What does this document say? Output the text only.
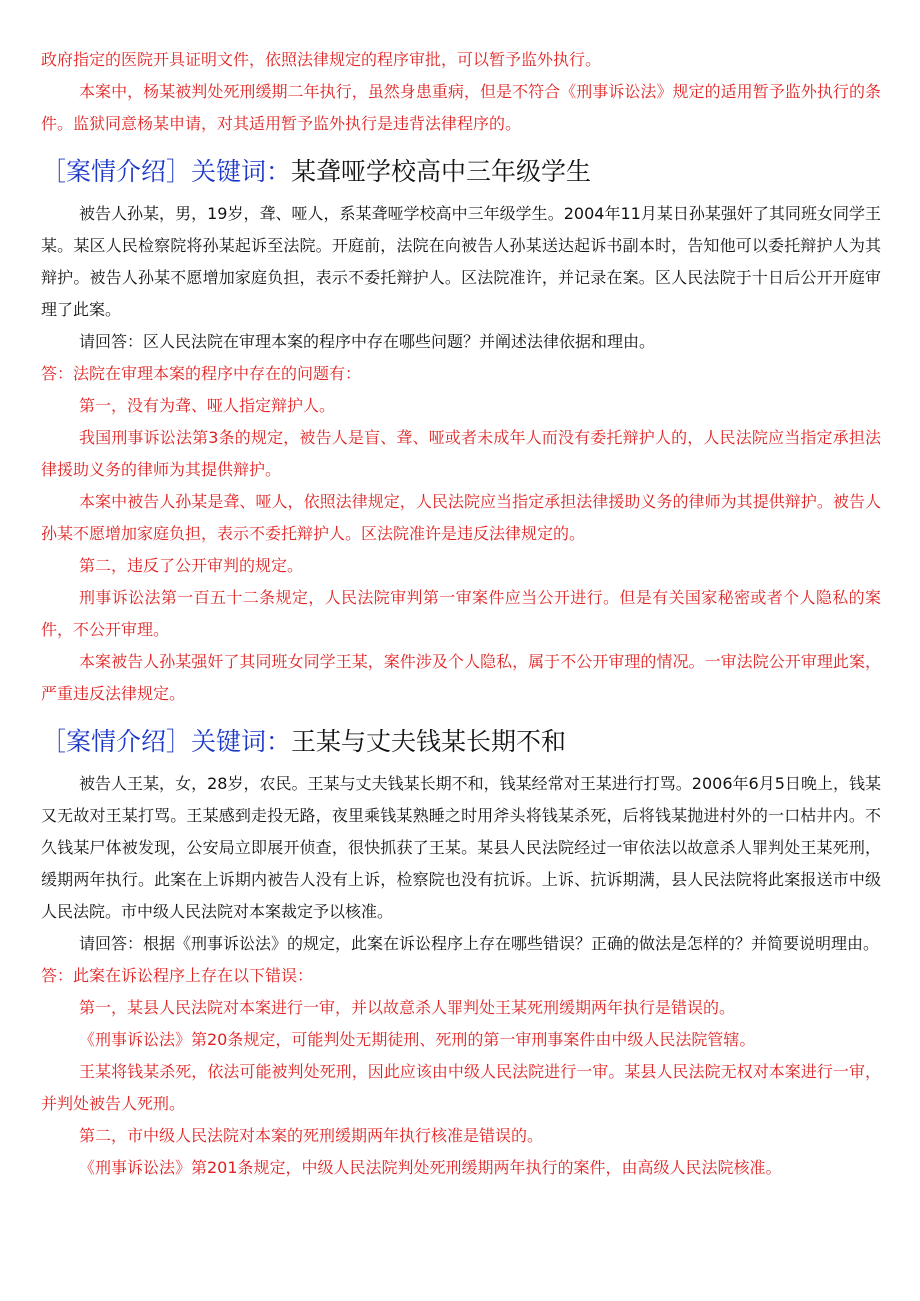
政府指定的医院开具证明文件，依照法律规定的程序审批，可以暂予监外执行。

本案中，杨某被判处死刑缓期二年执行，虽然身患重病，但是不符合《刑事诉讼法》规定的适用暂予监外执行的条件。监狱同意杨某申请，对其适用暂予监外执行是违背法律程序的。

［案情介绍］关键词：某聋哑学校高中三年级学生

被告人孙某，男，19岁，聋、哑人，系某聋哑学校高中三年级学生。2004年11月某日孙某强奸了其同班女同学王某。某区人民检察院将孙某起诉至法院。开庭前，法院在向被告人孙某送达起诉书副本时，告知他可以委托辩护人为其辩护。被告人孙某不愿增加家庭负担，表示不委托辩护人。区法院准许，并记录在案。区人民法院于十日后公开开庭审理了此案。

请回答：区人民法院在审理本案的程序中存在哪些问题？并阐述法律依据和理由。

答：法院在审理本案的程序中存在的问题有：

第一，没有为聋、哑人指定辩护人。

我国刑事诉讼法第3条的规定，被告人是盲、聋、哑或者未成年人而没有委托辩护人的，人民法院应当指定承担法律援助义务的律师为其提供辩护。

本案中被告人孙某是聋、哑人，依照法律规定，人民法院应当指定承担法律援助义务的律师为其提供辩护。被告人孙某不愿增加家庭负担，表示不委托辩护人。区法院准许是违反法律规定的。

第二，违反了公开审判的规定。

刑事诉讼法第一百五十二条规定，人民法院审判第一审案件应当公开进行。但是有关国家秘密或者个人隐私的案件，不公开审理。

本案被告人孙某强奸了其同班女同学王某，案件涉及个人隐私，属于不公开审理的情况。一审法院公开审理此案，严重违反法律规定。

［案情介绍］关键词：王某与丈夫钱某长期不和

被告人王某，女，28岁，农民。王某与丈夫钱某长期不和，钱某经常对王某进行打骂。2006年6月5日晚上，钱某又无故对王某打骂。王某感到走投无路，夜里乘钱某熟睡之时用斧头将钱某杀死，后将钱某抛进村外的一口枯井内。不久钱某尸体被发现，公安局立即展开侦查，很快抓获了王某。某县人民法院经过一审依法以故意杀人罪判处王某死刑，缓期两年执行。此案在上诉期内被告人没有上诉，检察院也没有抗诉。上诉、抗诉期满，县人民法院将此案报送市中级人民法院。市中级人民法院对本案裁定予以核准。

请回答：根据《刑事诉讼法》的规定，此案在诉讼程序上存在哪些错误？正确的做法是怎样的？并简要说明理由。

答：此案在诉讼程序上存在以下错误：

第一，某县人民法院对本案进行一审，并以故意杀人罪判处王某死刑缓期两年执行是错误的。

《刑事诉讼法》第20条规定，可能判处无期徒刑、死刑的第一审刑事案件由中级人民法院管辖。

王某将钱某杀死，依法可能被判处死刑，因此应该由中级人民法院进行一审。某县人民法院无权对本案进行一审，并判处被告人死刑。

第二，市中级人民法院对本案的死刑缓期两年执行核准是错误的。

《刑事诉讼法》第201条规定，中级人民法院判处死刑缓期两年执行的案件，由高级人民法院核准。
